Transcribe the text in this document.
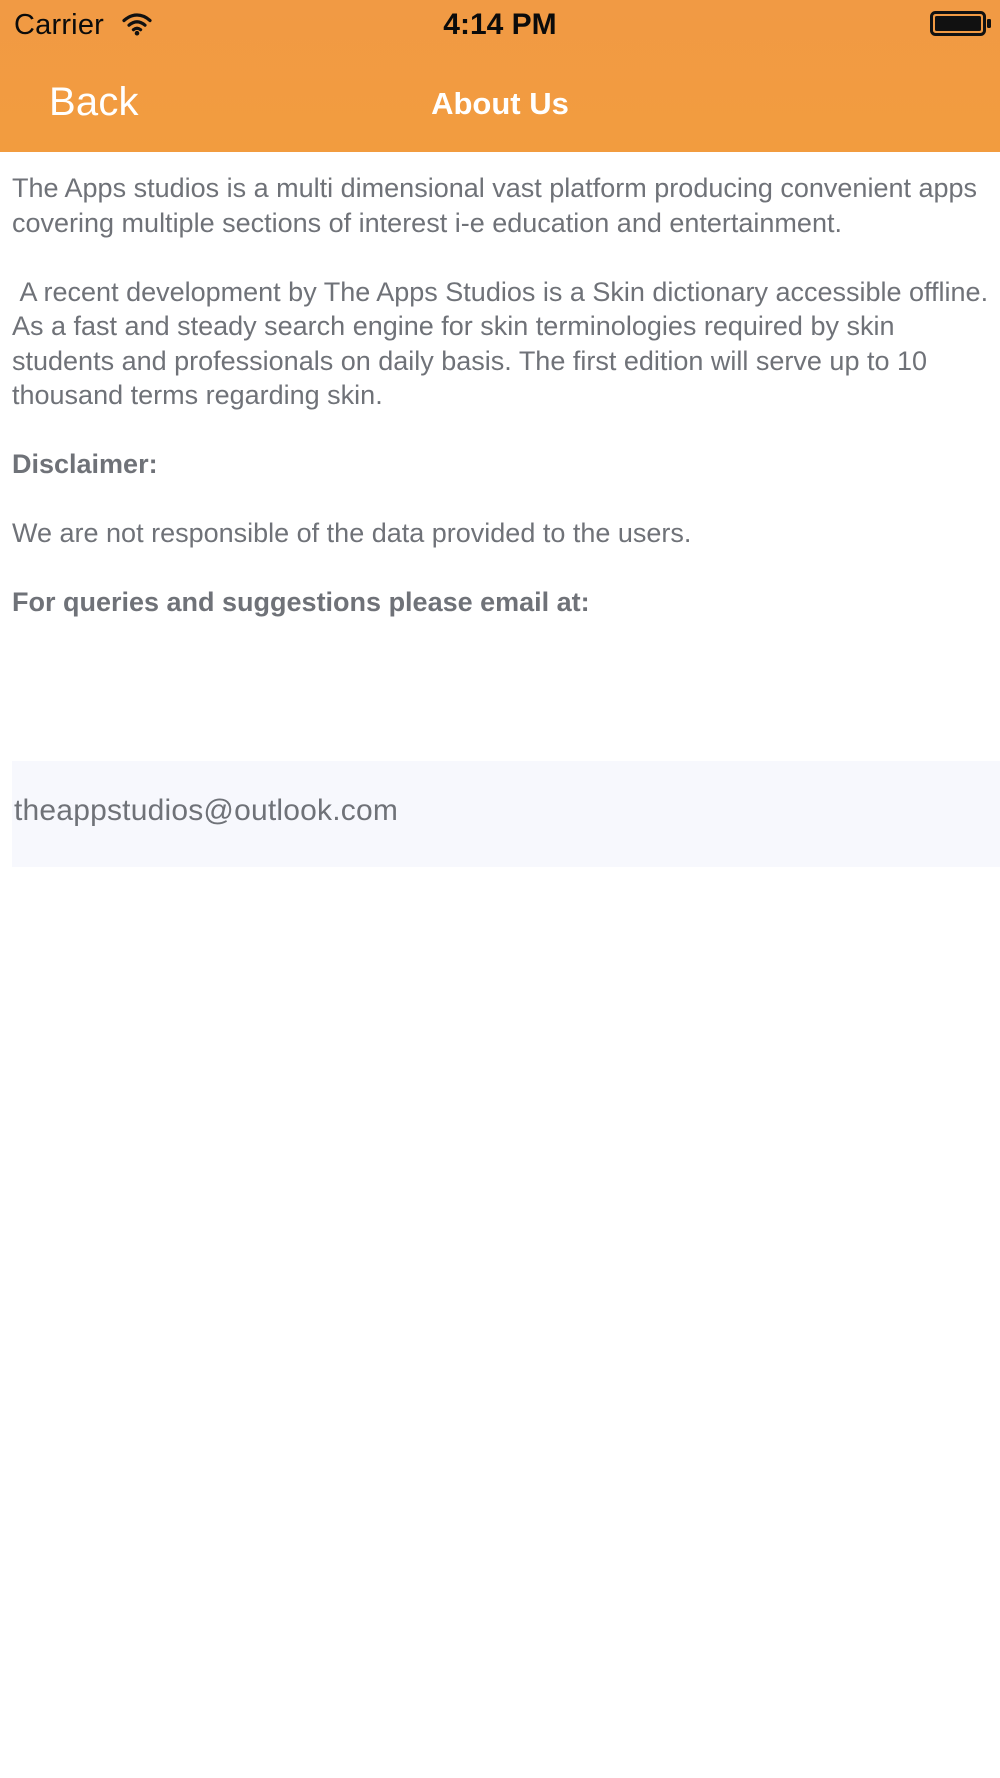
Carrier	4:14 PM
Back	About Us

The Apps studios is a multi dimensional vast platform producing convenient apps covering multiple sections of interest i-e education and entertainment.

A recent development by The Apps Studios is a Skin dictionary accessible offline. As a fast and steady search engine for skin terminologies required by skin students and professionals on daily basis. The first edition will serve up to 10 thousand terms regarding skin.

Disclaimer:

We are not responsible of the data provided to the users.

For queries and suggestions please email at:
theappstudios@outlook.com
